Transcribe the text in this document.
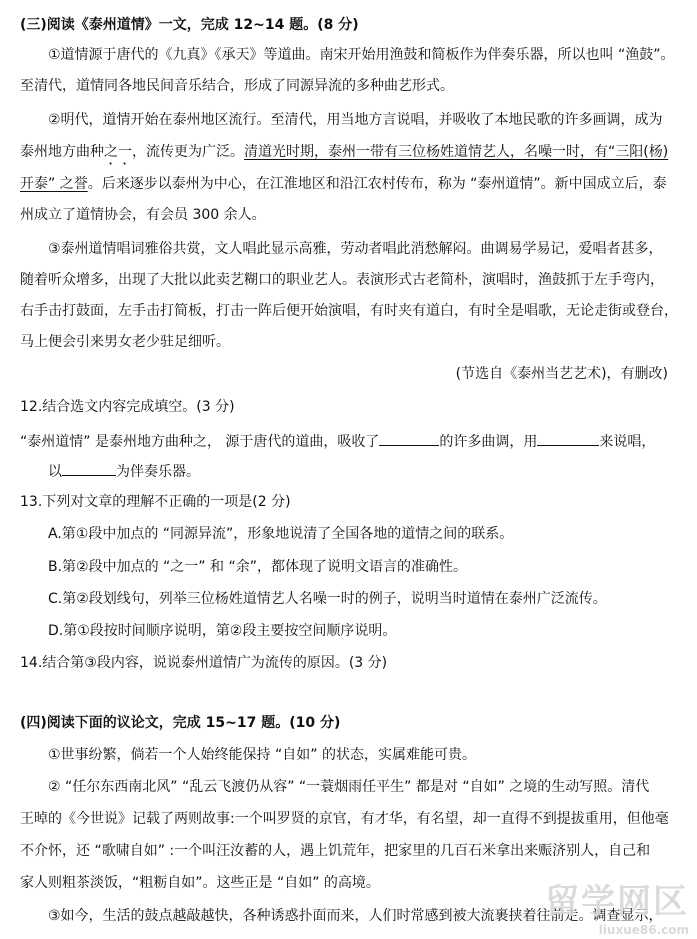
(三)阅读《泰州道情》一文，完成 12~14 题。(8 分)
①道情源于唐代的《九真》《承天》等道曲。南宋开始用渔鼓和简板作为伴奏乐器，所以也叫 “渔鼓”。
至清代，道情同各地民间音乐结合，形成了同源异流的多种曲艺形式。
②明代，道情开始在泰州地区流行。至清代，用当地方言说唱，并吸收了本地民歌的许多画调，成为
泰州地方曲种之一，流传更为广泛。清道光时期，泰州一带有三位杨姓道情艺人，名噪一时，有“三阳(杨)
开泰” 之誉。后来逐步以泰州为中心，在江淮地区和沿江农村传布，称为 “泰州道情”。新中国成立后，泰
州成立了道情协会，有会员 300 余人。
③泰州道情唱词雅俗共赏，文人唱此显示高雅，劳动者唱此消愁解闷。曲调易学易记，爱唱者甚多，
随着听众增多，出现了大批以此卖艺糊口的职业艺人。表演形式古老简朴，演唱时，渔鼓抓于左手弯内，
右手击打鼓面，左手击打简板，打击一阵后便开始演唱，有时夹有道白，有时全是唱歌，无论走街或登台，
马上便会引来男女老少驻足细听。
(节选自《泰州当艺艺术)，有删改)
12.结合选文内容完成填空。(3 分)
“泰州道情” 是泰州地方曲种之， 源于唐代的道曲，吸收了	的许多曲调，用	来说唱，
以	为伴奏乐器。
13.下列对文章的理解不正确的一项是(2 分)
A.第①段中加点的 “同源异流”，形象地说清了全国各地的道情之间的联系。
B.第②段中加点的 “之一” 和 “余”，都体现了说明文语言的准确性。
C.第②段划线句，列举三位杨姓道情艺人名噪一时的例子，说明当时道情在泰州广泛流传。
D.第①段按时间顺序说明，第②段主要按空间顺序说明。
14.结合第③段内容，说说泰州道情广为流传的原因。(3 分)
(四)阅读下面的议论文，完成 15~17 题。(10 分)
①世事纷繁，倘若一个人始终能保持 “自如” 的状态，实属难能可贵。
② “任尔东西南北风” “乱云飞渡仍从容” “一蓑烟雨任平生” 都是对 “自如” 之境的生动写照。清代
王晫的《今世说》记载了两则故事:一个叫罗贤的京官，有才华，有名望，却一直得不到提拔重用，但他毫
不介怀，还 “歌啸自如” :一个叫汪汝蓄的人，遇上饥荒年，把家里的几百石米拿出来赈济别人，自己和
家人则粗茶淡饭，“粗粝自如”。这些正是 “自如” 的高境。
③如今，生活的鼓点越敲越快，各种诱惑扑面而来，人们时常感到被大流裹挟着往前走。调查显示，
留学网区
liuxue86.com
